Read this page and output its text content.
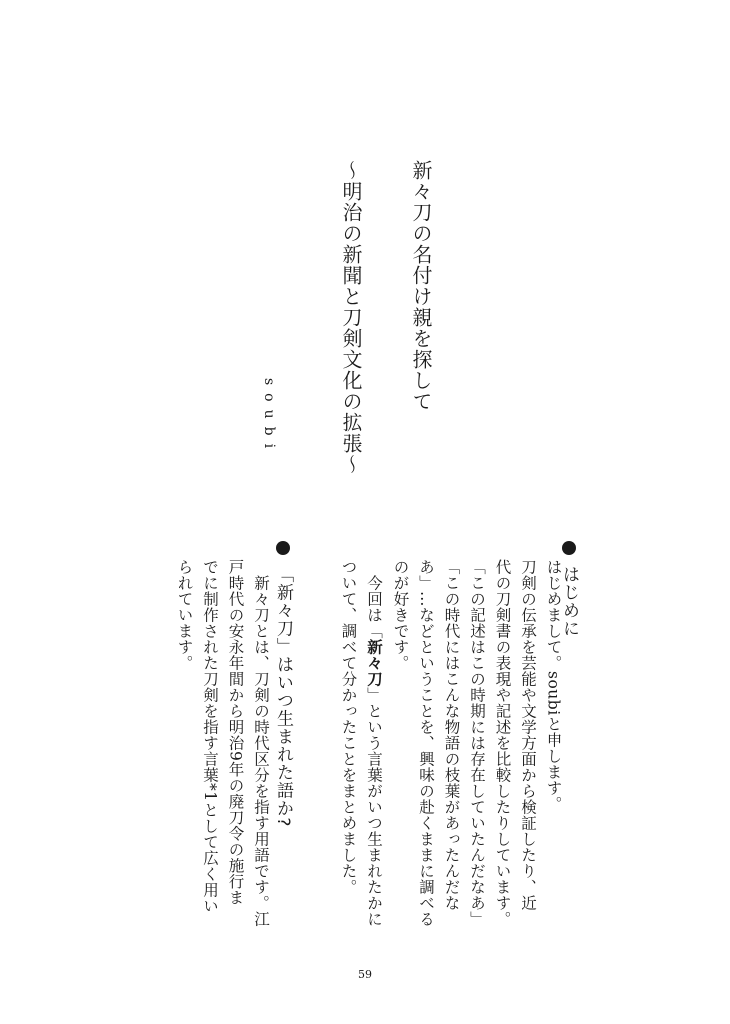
新々刀の名付け親を探して
〜明治の新聞と刀剣文化の拡張〜
soubi
はじめに
はじめまして。soubiと申します。
刀剣の伝承を芸能や文学方面から検証したり、近
代の刀剣書の表現や記述を比較したりしています。
「この記述はこの時期には存在していたんだなあ」
「この時代にはこんな物語の枝葉があったんだな
あ」…などということを、興味の赴くままに調べる
のが好きです。
今回は「新々刀」という言葉がいつ生まれたかに
ついて、調べて分かったことをまとめました。
「新々刀」はいつ生まれた語か?
新々刀とは、刀剣の時代区分を指す用語です。江
戸時代の安永年間から明治9年の廃刀令の施行ま
でに制作された刀剣を指す言葉*1として広く用い
られています。
59
